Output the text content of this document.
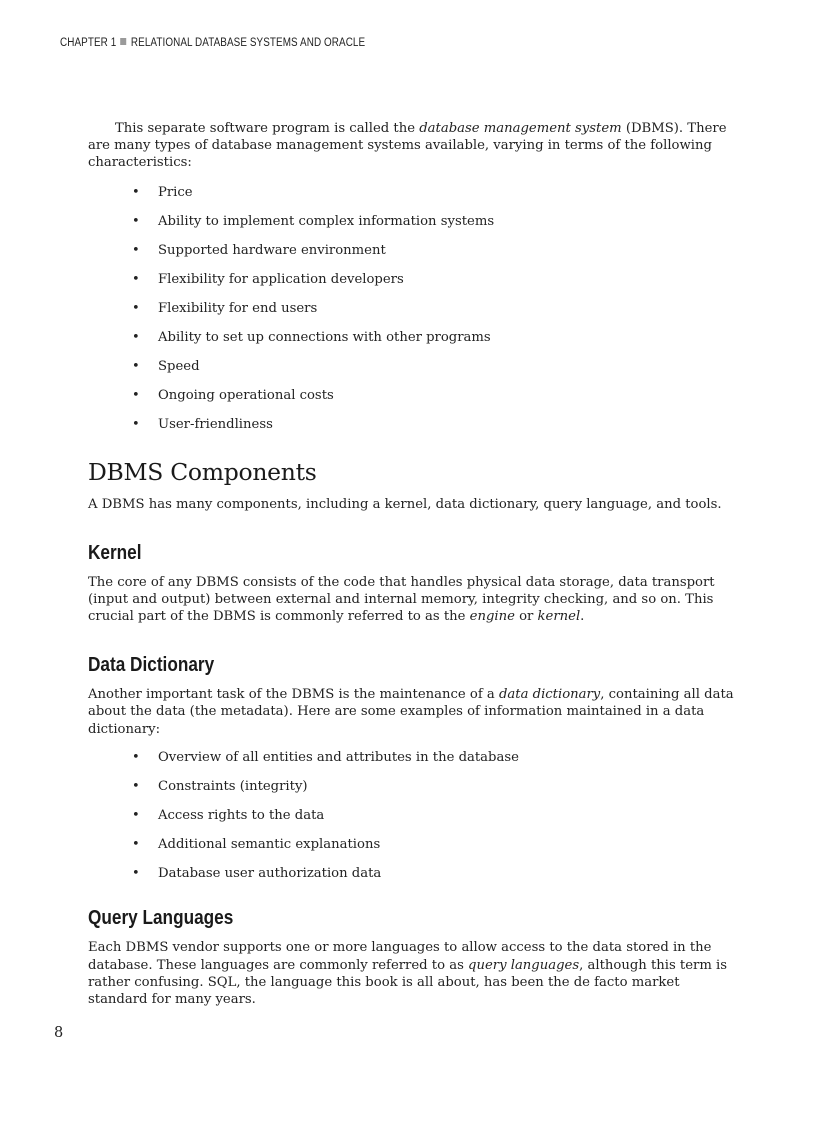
CHAPTER 1 RELATIONAL DATABASE SYSTEMS AND ORACLE

This separate software program is called the database management system (DBMS). There are many types of database management systems available, varying in terms of the following characteristics:

• Price
• Ability to implement complex information systems
• Supported hardware environment
• Flexibility for application developers
• Flexibility for end users
• Ability to set up connections with other programs
• Speed
• Ongoing operational costs
• User-friendliness
DBMS Components

A DBMS has many components, including a kernel, data dictionary, query language, and tools.

Kernel

The core of any DBMS consists of the code that handles physical data storage, data transport (input and output) between external and internal memory, integrity checking, and so on. This crucial part of the DBMS is commonly referred to as the engine or kernel.

Data Dictionary

Another important task of the DBMS is the maintenance of a data dictionary, containing all data about the data (the metadata). Here are some examples of information maintained in a data dictionary:

• Overview of all entities and attributes in the database
• Constraints (integrity)
• Access rights to the data
• Additional semantic explanations
• Database user authorization data
Query Languages

Each DBMS vendor supports one or more languages to allow access to the data stored in the database. These languages are commonly referred to as query languages, although this term is rather confusing. SQL, the language this book is all about, has been the de facto market standard for many years.

8
